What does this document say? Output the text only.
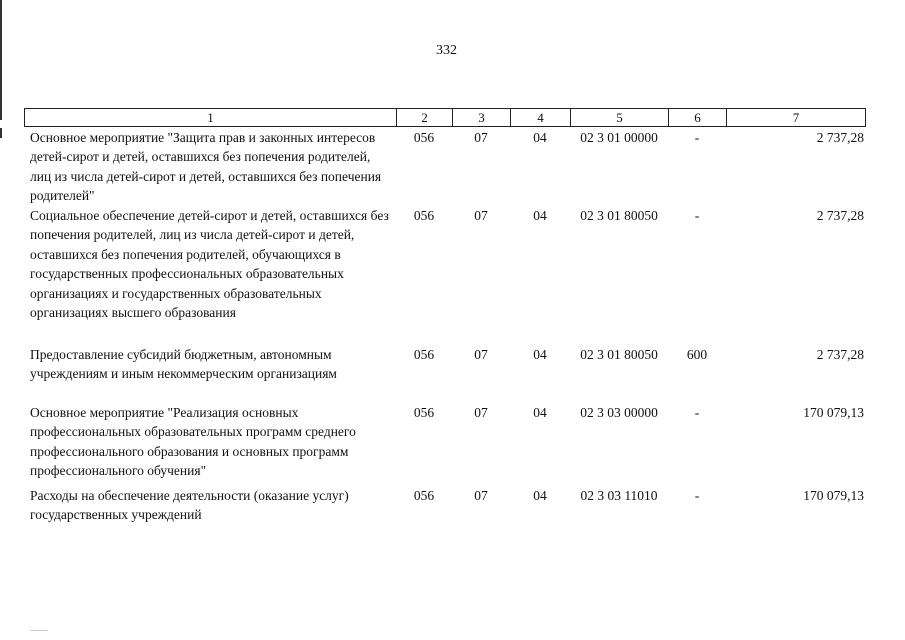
332
1	2	3	4	5	6	7
Основное мероприятие "Защита прав и законных интересов детей-сирот и детей, оставшихся без попечения родителей, лиц из числа детей-сирот и детей, оставшихся без попечения родителей"
056	07	04	02 3 01 00000	-	2 737,28
Социальное обеспечение детей-сирот и детей, оставшихся без попечения родителей, лиц из числа детей-сирот и детей, оставшихся без попечения родителей, обучающихся в государственных профессиональных образовательных организациях и государственных образовательных организациях высшего образования
056	07	04	02 3 01 80050	-	2 737,28
Предоставление субсидий бюджетным, автономным учреждениям и иным некоммерческим организациям
056	07	04	02 3 01 80050	600	2 737,28
Основное мероприятие "Реализация основных профессиональных образовательных программ среднего профессионального образования и основных программ профессионального обучения"
056	07	04	02 3 03 00000	-	170 079,13
Расходы на обеспечение деятельности (оказание услуг) государственных учреждений
056	07	04	02 3 03 11010	-	170 079,13
